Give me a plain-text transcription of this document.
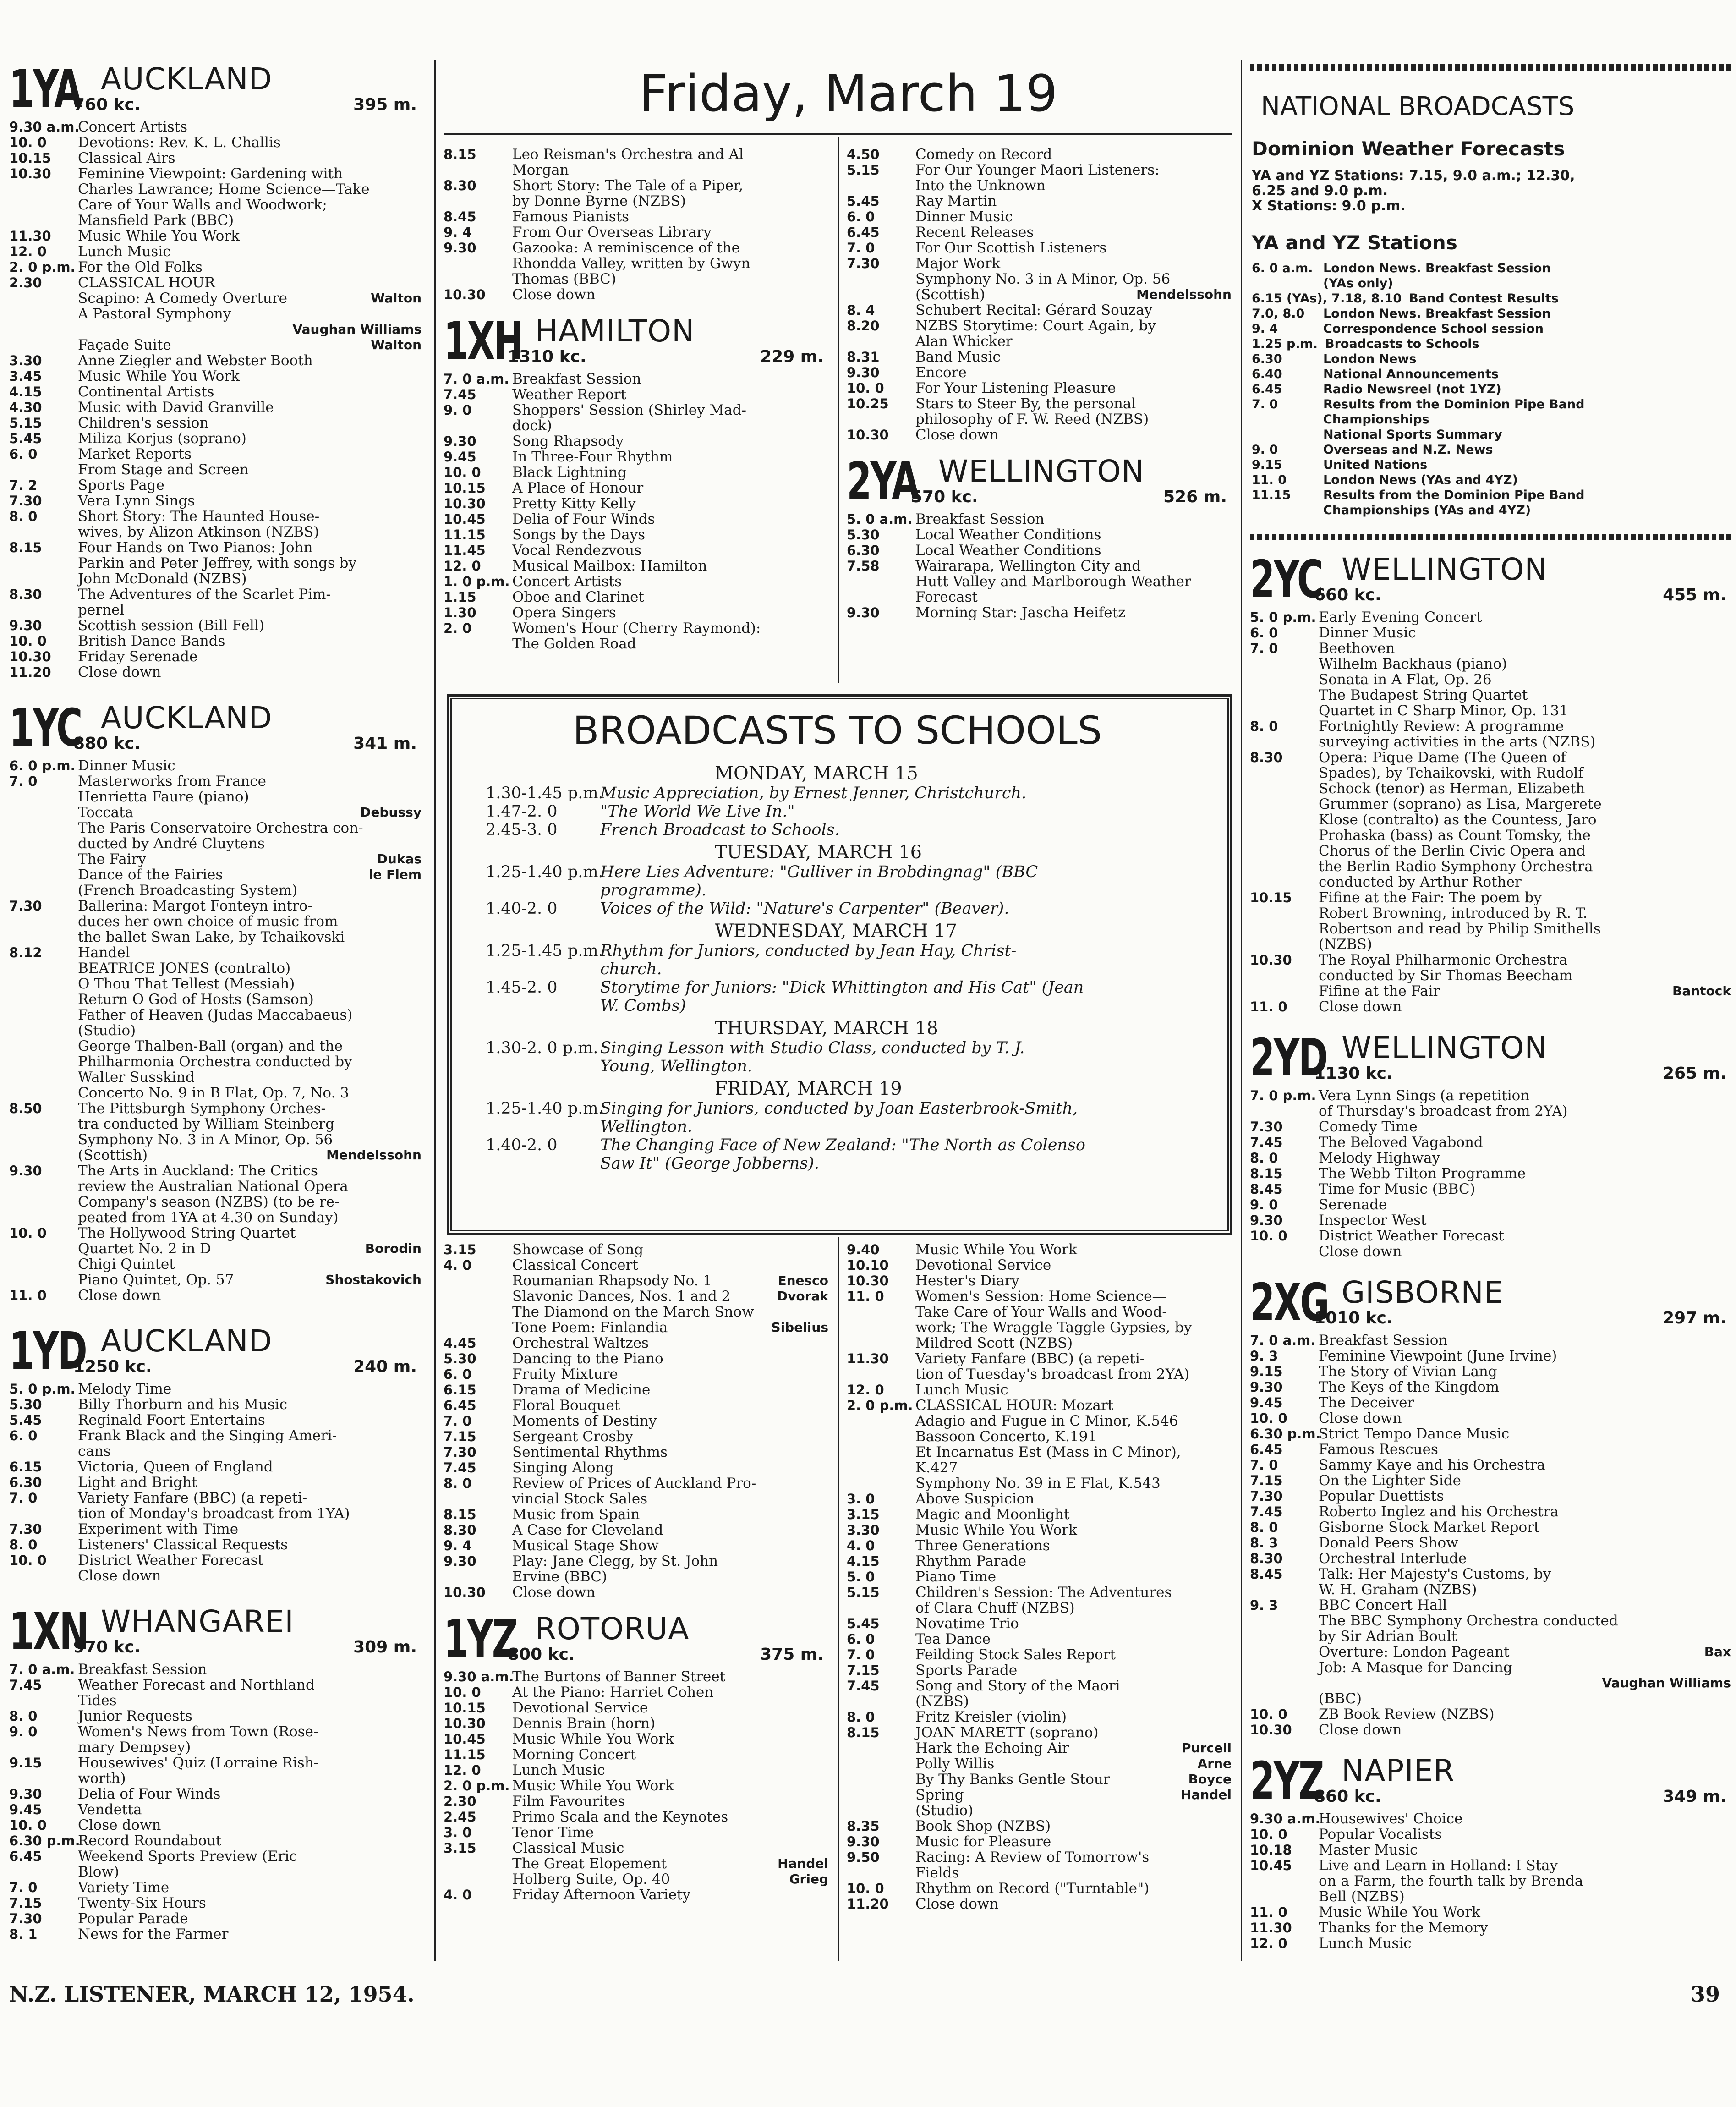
Friday, March 19	NATIONAL BROADCASTS
Dominion Weather Forecasts
YA and YZ Stations: 7.15, 9.0 a.m.; 12.30,
6.25 and 9.0 p.m.
X Stations: 9.0 p.m.
YA and YZ Stations
6. 0 a.m. London News. Breakfast Session
(YAs only)
6.15 (YAs), 7.18, 8.10 Band Contest Results
7.0, 8.0 London News. Breakfast Session
9. 4	Correspondence School session
1.25 p.m. Broadcasts to Schools
6.30	London News
6.40	National Announcements
6.45	Radio Newsreel (not 1YZ)
7. 0	Results from the Dominion Pipe Band
Championships
National Sports Summary
9. 0	Overseas and N.Z. News
9.15	United Nations
11. 0	London News (YAs and 4YZ)
11.15	Results from the Dominion Pipe Band
Championships (YAs and 4YZ)
BROADCASTS TO SCHOOLS
MONDAY, MARCH 15
1.30-1.45 p.m.Music Appreciation, by Ernest Jenner, Christchurch.
1.47-2. 0	"The World We Live In."
2.45-3. 0	French Broadcast to Schools.
TUESDAY, MARCH 16
1.25-1.40 p.m.Here Lies Adventure: "Gulliver in Brobdingnag" (BBC
programme).
1.40-2. 0	Voices of the Wild: "Nature's Carpenter" (Beaver).
WEDNESDAY, MARCH 17
1.25-1.45 p.m.Rhythm for Juniors, conducted by Jean Hay, Christ-
church.
1.45-2. 0	Storytime for Juniors: "Dick Whittington and His Cat" (Jean
W. Combs)
THURSDAY, MARCH 18
1.30-2. 0 p.m. Singing Lesson with Studio Class, conducted by T. J.
Young, Wellington.
FRIDAY, MARCH 19
1.25-1.40 p.m.Singing for Juniors, conducted by Joan Easterbrook-Smith,
Wellington.
1.40-2. 0	The Changing Face of New Zealand: "The North as Colenso
Saw It" (George Jobberns).
1YA AUCKLAND
760 kc.	395 m.
9.30 a.m.Concert Artists
10. 0 Devotions: Rev. K. L. Challis
10.15 Classical Airs
10.30 Feminine Viewpoint: Gardening with
Charles Lawrance; Home Science—Take
Care of Your Walls and Woodwork;
Mansfield Park (BBC)
11.30 Music While You Work
12. 0 Lunch Music
2. 0 p.m. For the Old Folks
2.30	CLASSICAL HOUR
Scapino: A Comedy Overture	Walton
A Pastoral Symphony
Vaughan Williams
Façade Suite	Walton
3.30	Anne Ziegler and Webster Booth
3.45	Music While You Work
4.15	Continental Artists
4.30	Music with David Granville
5.15	Children's session
5.45	Miliza Korjus (soprano)
6. 0	Market Reports
From Stage and Screen
7. 2	Sports Page
7.30	Vera Lynn Sings
8. 0	Short Story: The Haunted House-
wives, by Alizon Atkinson (NZBS)
8.15	Four Hands on Two Pianos: John
Parkin and Peter Jeffrey, with songs by
John McDonald (NZBS)
8.30	The Adventures of the Scarlet Pim-
pernel
9.30	Scottish session (Bill Fell)
10. 0 British Dance Bands
10.30 Friday Serenade
11.20 Close down
1YC AUCKLAND
880 kc.	341 m.
6. 0 p.m. Dinner Music
7. 0	Masterworks from France
Henrietta Faure (piano)
Toccata	Debussy
The Paris Conservatoire Orchestra con-
ducted by André Cluytens
The Fairy	Dukas
Dance of the Fairies	le Flem
(French Broadcasting System)
7.30	Ballerina: Margot Fonteyn intro-
duces her own choice of music from
the ballet Swan Lake, by Tchaikovski
8.12	Handel
BEATRICE JONES (contralto)
O Thou That Tellest (Messiah)
Return O God of Hosts (Samson)
Father of Heaven (Judas Maccabaeus)
(Studio)
George Thalben-Ball (organ) and the
Philharmonia Orchestra conducted by
Walter Susskind
Concerto No. 9 in B Flat, Op. 7, No. 3
8.50	The Pittsburgh Symphony Orches-
tra conducted by William Steinberg
Symphony No. 3 in A Minor, Op. 56
(Scottish)	Mendelssohn
9.30	The Arts in Auckland: The Critics
review the Australian National Opera
Company's season (NZBS) (to be re-
peated from 1YA at 4.30 on Sunday)
10. 0 The Hollywood String Quartet
Quartet No. 2 in D	Borodin
Chigi Quintet
Piano Quintet, Op. 57	Shostakovich
11. 0 Close down
1YD AUCKLAND
1250 kc.	240 m.
5. 0 p.m. Melody Time
5.30	Billy Thorburn and his Music
5.45	Reginald Foort Entertains
6. 0	Frank Black and the Singing Ameri-
cans
6.15	Victoria, Queen of England
6.30	Light and Bright
7. 0	Variety Fanfare (BBC) (a repeti-
tion of Monday's broadcast from 1YA)
7.30	Experiment with Time
8. 0	Listeners' Classical Requests
10. 0 District Weather Forecast
Close down
1XN WHANGAREI
970 kc.	309 m.
7. 0 a.m. Breakfast Session
7.45	Weather Forecast and Northland
Tides
8. 0	Junior Requests
9. 0	Women's News from Town (Rose-
mary Dempsey)
9.15	Housewives' Quiz (Lorraine Rish-
worth)
9.30	Delia of Four Winds
9.45	Vendetta
10. 0 Close down
6.30 p.m.Record Roundabout
6.45	Weekend Sports Preview (Eric
Blow)
7. 0	Variety Time
7.15	Twenty-Six Hours
7.30	Popular Parade
8. 1	News for the Farmer
8.15	Leo Reisman's Orchestra and Al
Morgan
8.30	Short Story: The Tale of a Piper,
by Donne Byrne (NZBS)
8.45	Famous Pianists
9. 4	From Our Overseas Library
9.30	Gazooka: A reminiscence of the
Rhondda Valley, written by Gwyn
Thomas (BBC)
10.30 Close down
1XH HAMILTON
1310 kc.	229 m.
7. 0 a.m. Breakfast Session
7.45	Weather Report
9. 0	Shoppers' Session (Shirley Mad-
dock)
9.30	Song Rhapsody
9.45	In Three-Four Rhythm
10. 0 Black Lightning
10.15 A Place of Honour
10.30 Pretty Kitty Kelly
10.45 Delia of Four Winds
11.15 Songs by the Days
11.45 Vocal Rendezvous
12. 0 Musical Mailbox: Hamilton
1. 0 p.m. Concert Artists
1.15	Oboe and Clarinet
1.30	Opera Singers
2. 0	Women's Hour (Cherry Raymond):
The Golden Road
4.50	Comedy on Record
5.15	For Our Younger Maori Listeners:
Into the Unknown
5.45	Ray Martin
6. 0	Dinner Music
6.45	Recent Releases
7. 0	For Our Scottish Listeners
7.30	Major Work
Symphony No. 3 in A Minor, Op. 56
(Scottish)	Mendelssohn
8. 4	Schubert Recital: Gérard Souzay
8.20	NZBS Storytime: Court Again, by
Alan Whicker
8.31	Band Music
9.30	Encore
10. 0 For Your Listening Pleasure
10.25 Stars to Steer By, the personal
philosophy of F. W. Reed (NZBS)
10.30 Close down
2YA WELLINGTON
570 kc.	526 m.
5. 0 a.m. Breakfast Session
5.30	Local Weather Conditions
6.30	Local Weather Conditions
7.58	Wairarapa, Wellington City and
Hutt Valley and Marlborough Weather
Forecast
9.30	Morning Star: Jascha Heifetz
3.15	Showcase of Song
4. 0	Classical Concert
Roumanian Rhapsody No. 1	Enesco
Slavonic Dances, Nos. 1 and 2	Dvorak
The Diamond on the March Snow
Tone Poem: Finlandia	Sibelius
4.45	Orchestral Waltzes
5.30	Dancing to the Piano
6. 0	Fruity Mixture
6.15	Drama of Medicine
6.45	Floral Bouquet
7. 0	Moments of Destiny
7.15	Sergeant Crosby
7.30	Sentimental Rhythms
7.45	Singing Along
8. 0	Review of Prices of Auckland Pro-
vincial Stock Sales
8.15	Music from Spain
8.30	A Case for Cleveland
9. 4	Musical Stage Show
9.30	Play: Jane Clegg, by St. John
Ervine (BBC)
10.30 Close down
1YZ ROTORUA
800 kc.	375 m.
9.30 a.m.The Burtons of Banner Street
10. 0 At the Piano: Harriet Cohen
10.15 Devotional Service
10.30 Dennis Brain (horn)
10.45 Music While You Work
11.15 Morning Concert
12. 0 Lunch Music
2. 0 p.m. Music While You Work
2.30	Film Favourites
2.45	Primo Scala and the Keynotes
3. 0	Tenor Time
3.15	Classical Music
The Great Elopement	Handel
Holberg Suite, Op. 40	Grieg
4. 0	Friday Afternoon Variety
9.40	Music While You Work
10.10 Devotional Service
10.30 Hester's Diary
11. 0 Women's Session: Home Science—
Take Care of Your Walls and Wood-
work; The Wraggle Taggle Gypsies, by
Mildred Scott (NZBS)
11.30 Variety Fanfare (BBC) (a repeti-
tion of Tuesday's broadcast from 2YA)
12. 0 Lunch Music
2. 0 p.m. CLASSICAL HOUR: Mozart
Adagio and Fugue in C Minor, K.546
Bassoon Concerto, K.191
Et Incarnatus Est (Mass in C Minor),
K.427
Symphony No. 39 in E Flat, K.543
3. 0	Above Suspicion
3.15	Magic and Moonlight
3.30	Music While You Work
4. 0	Three Generations
4.15	Rhythm Parade
5. 0	Piano Time
5.15	Children's Session: The Adventures
of Clara Chuff (NZBS)
5.45	Novatime Trio
6. 0	Tea Dance
7. 0	Feilding Stock Sales Report
7.15	Sports Parade
7.45	Song and Story of the Maori
(NZBS)
8. 0	Fritz Kreisler (violin)
8.15	JOAN MARETT (soprano)
Hark the Echoing Air	Purcell
Polly Willis	Arne
By Thy Banks Gentle Stour	Boyce
Spring	Handel
(Studio)
8.35	Book Shop (NZBS)
9.30	Music for Pleasure
9.50	Racing: A Review of Tomorrow's
Fields
10. 0 Rhythm on Record ("Turntable")
11.20 Close down
2YC WELLINGTON
660 kc.	455 m.
5. 0 p.m. Early Evening Concert
6. 0	Dinner Music
7. 0	Beethoven
Wilhelm Backhaus (piano)
Sonata in A Flat, Op. 26
The Budapest String Quartet
Quartet in C Sharp Minor, Op. 131
8. 0	Fortnightly Review: A programme
surveying activities in the arts (NZBS)
8.30	Opera: Pique Dame (The Queen of
Spades), by Tchaikovski, with Rudolf
Schock (tenor) as Herman, Elizabeth
Grummer (soprano) as Lisa, Margerete
Klose (contralto) as the Countess, Jaro
Prohaska (bass) as Count Tomsky, the
Chorus of the Berlin Civic Opera and
the Berlin Radio Symphony Orchestra
conducted by Arthur Rother
10.15 Fifine at the Fair: The poem by
Robert Browning, introduced by R. T.
Robertson and read by Philip Smithells
(NZBS)
10.30 The Royal Philharmonic Orchestra
conducted by Sir Thomas Beecham
Fifine at the Fair	Bantock
11. 0 Close down
2YD WELLINGTON
1130 kc.	265 m.
7. 0 p.m. Vera Lynn Sings (a repetition
of Thursday's broadcast from 2YA)
7.30	Comedy Time
7.45	The Beloved Vagabond
8. 0	Melody Highway
8.15	The Webb Tilton Programme
8.45	Time for Music (BBC)
9. 0	Serenade
9.30	Inspector West
10. 0 District Weather Forecast
Close down
2XG GISBORNE
1010 kc.	297 m.
7. 0 a.m. Breakfast Session
9. 3	Feminine Viewpoint (June Irvine)
9.15	The Story of Vivian Lang
9.30	The Keys of the Kingdom
9.45	The Deceiver
10. 0 Close down
6.30 p.m.Strict Tempo Dance Music
6.45	Famous Rescues
7. 0	Sammy Kaye and his Orchestra
7.15	On the Lighter Side
7.30	Popular Duettists
7.45	Roberto Inglez and his Orchestra
8. 0	Gisborne Stock Market Report
8. 3	Donald Peers Show
8.30	Orchestral Interlude
8.45	Talk: Her Majesty's Customs, by
W. H. Graham (NZBS)
9. 3	BBC Concert Hall
The BBC Symphony Orchestra conducted
by Sir Adrian Boult
Overture: London Pageant	Bax
Job: A Masque for Dancing
Vaughan Williams
(BBC)
10. 0 ZB Book Review (NZBS)
10.30 Close down
2YZ NAPIER
860 kc.	349 m.
9.30 a.m.Housewives' Choice
10. 0 Popular Vocalists
10.18 Master Music
10.45 Live and Learn in Holland: I Stay
on a Farm, the fourth talk by Brenda
Bell (NZBS)
11. 0 Music While You Work
11.30 Thanks for the Memory
12. 0 Lunch Music
N.Z. LISTENER, MARCH 12, 1954.	39
